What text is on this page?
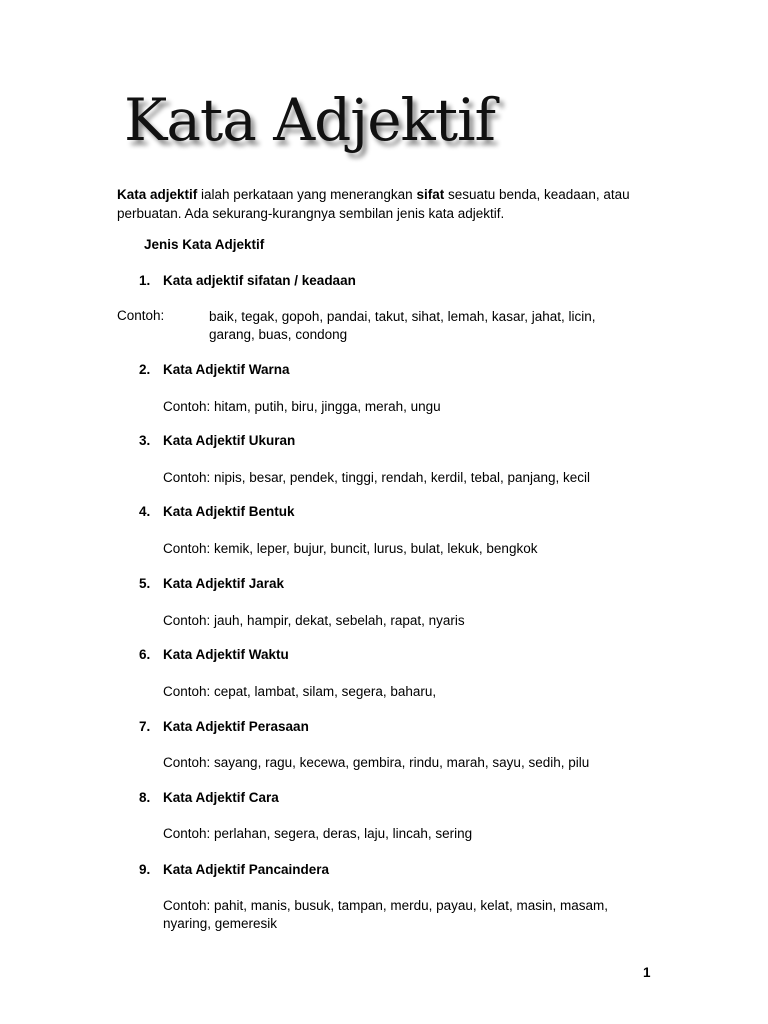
Kata Adjektif
Kata adjektif ialah perkataan yang menerangkan sifat sesuatu benda, keadaan, atau perbuatan. Ada sekurang-kurangnya sembilan jenis kata adjektif.
Jenis Kata Adjektif
1. Kata adjektif sifatan / keadaan
Contoh:	baik, tegak, gopoh, pandai, takut, sihat, lemah, kasar, jahat, licin, garang, buas, condong
2. Kata Adjektif Warna
Contoh: hitam, putih, biru, jingga, merah, ungu
3. Kata Adjektif Ukuran
Contoh: nipis, besar, pendek, tinggi, rendah, kerdil, tebal, panjang, kecil
4. Kata Adjektif Bentuk
Contoh: kemik, leper, bujur, buncit, lurus, bulat, lekuk, bengkok
5. Kata Adjektif Jarak
Contoh: jauh, hampir, dekat, sebelah, rapat, nyaris
6. Kata Adjektif Waktu
Contoh: cepat, lambat, silam, segera, baharu,
7. Kata Adjektif Perasaan
Contoh: sayang, ragu, kecewa, gembira, rindu, marah, sayu, sedih, pilu
8. Kata Adjektif Cara
Contoh: perlahan, segera, deras, laju, lincah, sering
9. Kata Adjektif Pancaindera
Contoh: pahit, manis, busuk, tampan, merdu, payau, kelat, masin, masam, nyaring, gemeresik
1
